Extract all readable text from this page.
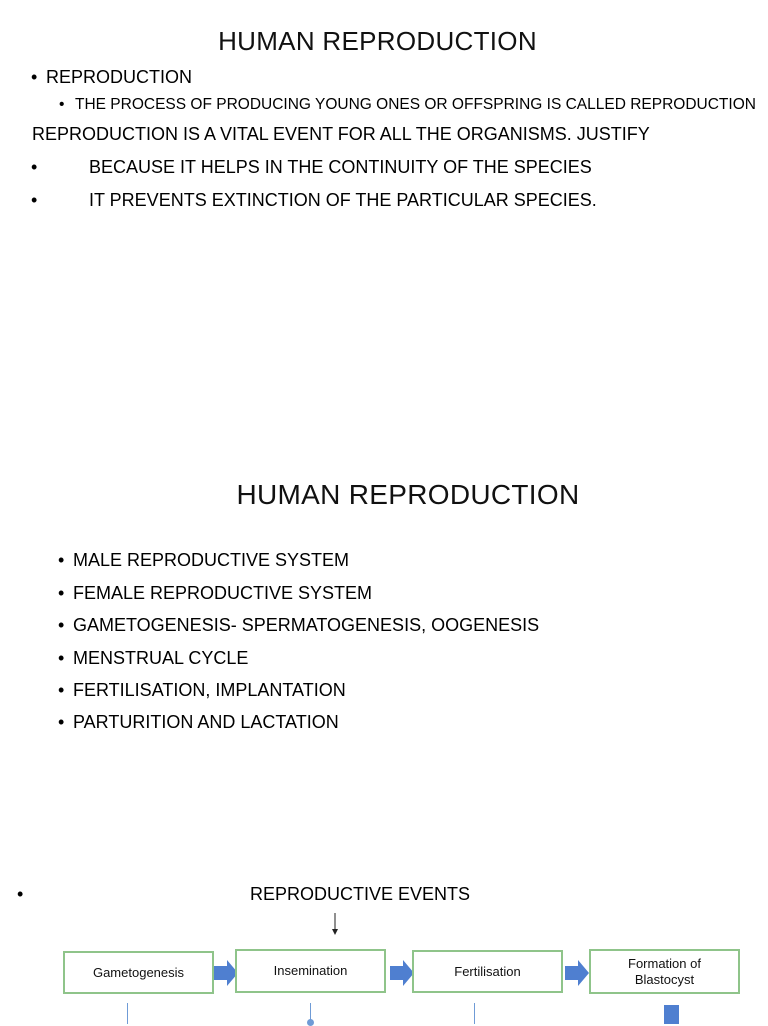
HUMAN REPRODUCTION
• REPRODUCTION
• THE PROCESS OF PRODUCING YOUNG ONES OR OFFSPRING IS CALLED REPRODUCTION
REPRODUCTION IS A VITAL EVENT FOR ALL THE ORGANISMS. JUSTIFY
•	BECAUSE IT HELPS IN THE CONTINUITY OF THE SPECIES
•	IT PREVENTS EXTINCTION OF THE PARTICULAR SPECIES.
HUMAN REPRODUCTION
• MALE REPRODUCTIVE SYSTEM
• FEMALE REPRODUCTIVE SYSTEM
• GAMETOGENESIS- SPERMATOGENESIS, OOGENESIS
• MENSTRUAL CYCLE
• FERTILISATION, IMPLANTATION
• PARTURITION AND LACTATION
•	REPRODUCTIVE EVENTS
Gametogenesis	Insemination	Fertilisation
Formation of Blastocyst
